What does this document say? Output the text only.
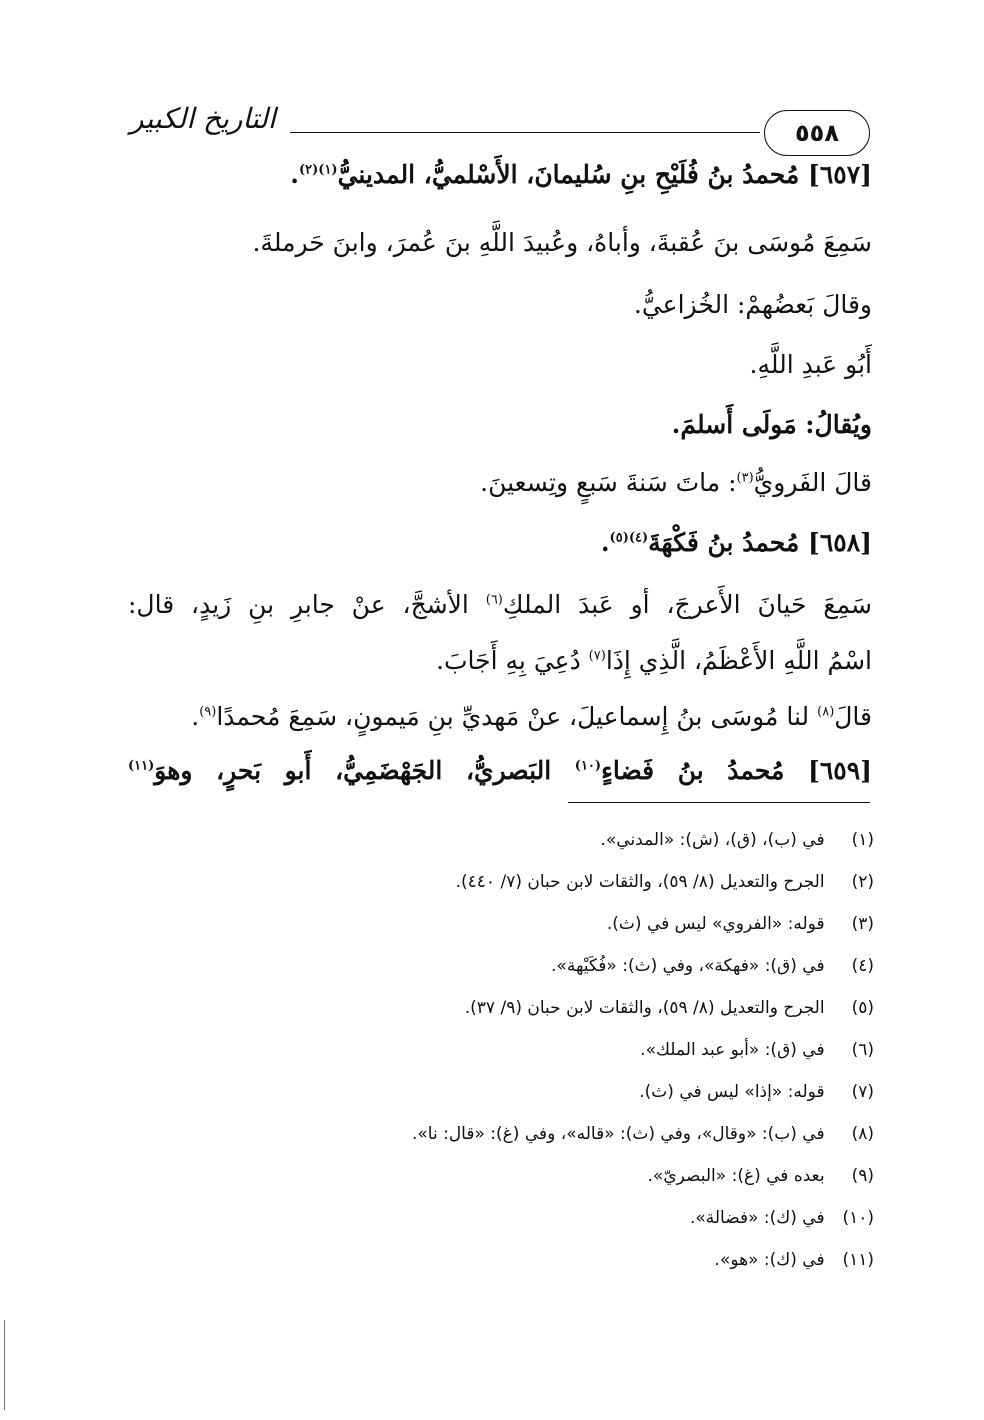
التاريخ الكبير	٥٥٨
[٦٥٧] مُحمدُ بنُ فُلَيْحِ بنِ سُليمانَ، الأَسْلميُّ، المدينيُّ$^{(١)(٢)}$.
سَمِعَ مُوسَى بنَ عُقبةَ، وأباهُ، وعُبيدَ اللَّهِ بنَ عُمرَ، وابنَ حَرملةَ.
وقالَ بَعضُهمْ: الخُزاعيُّ.
أَبُو عَبدِ اللَّهِ.
ويُقالُ: مَولَى أَسلمَ.
قالَ الفَرويُّ$^{(٣)}$: ماتَ سَنةَ سَبعٍ وتِسعينَ.
[٦٥٨] مُحمدُ بنُ فَكْهَةَ$^{(٤)(٥)}$.
سَمِعَ حَيانَ الأَعرجَ، أو عَبدَ الملكِ$^{(٦)}$ الأشجَّ، عنْ جابرِ بنِ زَيدٍ، قال:
اسْمُ اللَّهِ الأَعْظَمُ، الَّذِي إِذَا$^{(٧)}$ دُعِيَ بِهِ أَجَابَ.
قالَ$^{(٨)}$ لنا مُوسَى بنُ إِسماعيلَ، عنْ مَهديِّ بنِ مَيمونٍ، سَمِعَ مُحمدًا$^{(٩)}$.
[٦٥٩] مُحمدُ بنُ فَضاءٍ$^{(١٠)}$ البَصريُّ، الجَهْضَمِيُّ، أَبو بَحرٍ، وهوَ$^{(١١)}$
(١) في (ب)، (ق)، (ش): «المدني».
(٢) الجرح والتعديل (٨/ ٥٩)، والثقات لابن حبان (٧/ ٤٤٠).
(٣) قوله: «الفروي» ليس في (ث).
(٤) في (ق): «فهكة»، وفي (ث): «فُكَيْهة».
(٥) الجرح والتعديل (٨/ ٥٩)، والثقات لابن حبان (٩/ ٣٧).
(٦) في (ق): «أبو عبد الملك».
(٧) قوله: «إذا» ليس في (ث).
(٨) في (ب): «وقال»، وفي (ث): «قاله»، وفي (غ): «قال: نا».
(٩) بعده في (غ): «البصريّ».
(١٠) في (ك): «فضالة».
(١١) في (ك): «هو».
